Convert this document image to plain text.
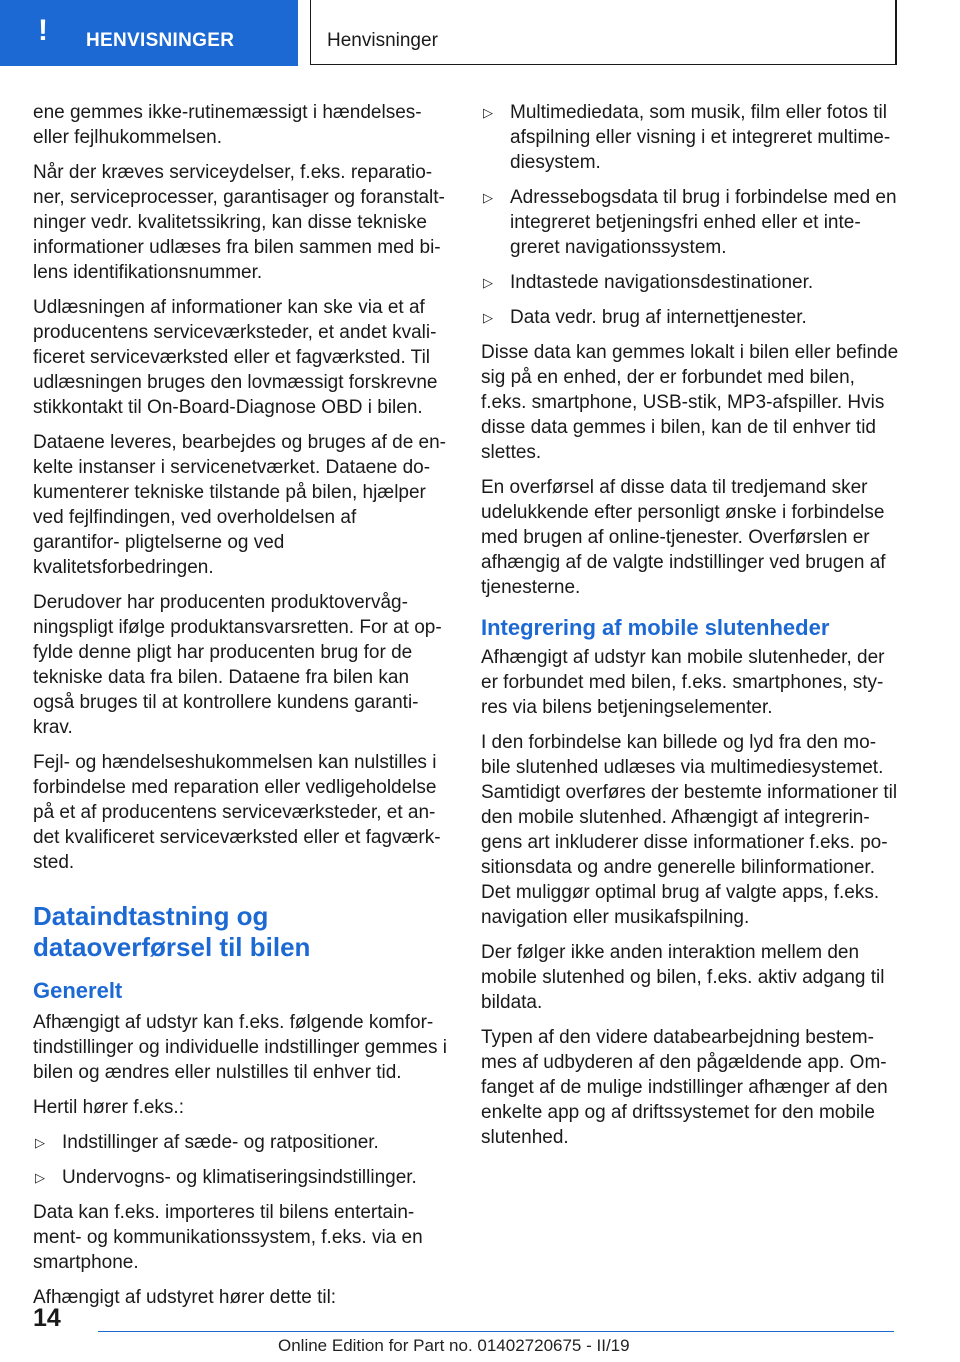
! HENVISNINGER	Henvisninger

ene gemmes ikke-rutinemæssigt i hændelses‐ eller fejlhukommelsen.

Når der kræves serviceydelser, f.eks. reparatio‐ ner, serviceprocesser, garantisager og foranstalt‐ ninger vedr. kvalitetssikring, kan disse tekniske informationer udlæses fra bilen sammen med bi‐ lens identifikationsnummer.

Udlæsningen af informationer kan ske via et af producentens serviceværksteder, et andet kvali‐ ficeret serviceværksted eller et fagværksted. Til udlæsningen bruges den lovmæssigt forskrevne stikkontakt til On-Board-Diagnose OBD i bilen.

Dataene leveres, bearbejdes og bruges af de en‐ kelte instanser i servicenetværket. Dataene do‐ kumenterer tekniske tilstande på bilen, hjælper ved fejlfindingen, ved overholdelsen af garantifor‐ pligtelserne og ved kvalitetsforbedringen.

Derudover har producenten produktovervåg‐ ningspligt ifølge produktansvarsretten. For at op‐ fylde denne pligt har producenten brug for de tekniske data fra bilen. Dataene fra bilen kan også bruges til at kontrollere kundens garanti‐ krav.

Fejl- og hændelseshukommelsen kan nulstilles i forbindelse med reparation eller vedligeholdelse på et af producentens serviceværksteder, et an‐ det kvalificeret serviceværksted eller et fagværk‐ sted.

Dataindtastning og dataoverførsel til bilen
Generelt

Afhængigt af udstyr kan f.eks. følgende komfor‐ tindstillinger og individuelle indstillinger gemmes i bilen og ændres eller nulstilles til enhver tid.

Hertil hører f.eks.:

▷ Indstillinger af sæde- og ratpositioner.
▷ Undervogns- og klimatiseringsindstillinger.

Data kan f.eks. importeres til bilens entertain‐ ment- og kommunikationssystem, f.eks. via en smartphone.

Afhængigt af udstyret hører dette til:

▷ Multimediedata, som musik, film eller fotos til afspilning eller visning i et integreret multime‐ diesystem.
▷ Adressebogsdata til brug i forbindelse med en integreret betjeningsfri enhed eller et inte‐ greret navigationssystem.
▷ Indtastede navigationsdestinationer.
▷ Data vedr. brug af internettjenester.

Disse data kan gemmes lokalt i bilen eller befinde sig på en enhed, der er forbundet med bilen, f.eks. smartphone, USB-stik, MP3-afspiller. Hvis disse data gemmes i bilen, kan de til enhver tid slettes.

En overførsel af disse data til tredjemand sker udelukkende efter personligt ønske i forbindelse med brugen af online-tjenester. Overførslen er afhængig af de valgte indstillinger ved brugen af tjenesterne.

Integrering af mobile slutenheder

Afhængigt af udstyr kan mobile slutenheder, der er forbundet med bilen, f.eks. smartphones, sty‐ res via bilens betjeningselementer.

I den forbindelse kan billede og lyd fra den mo‐ bile slutenhed udlæses via multimediesystemet. Samtidigt overføres der bestemte informationer til den mobile slutenhed. Afhængigt af integrerin‐ gens art inkluderer disse informationer f.eks. po‐ sitionsdata og andre generelle bilinformationer. Det muliggør optimal brug af valgte apps, f.eks. navigation eller musikafspilning.

Der følger ikke anden interaktion mellem den mobile slutenhed og bilen, f.eks. aktiv adgang til bildata.

Typen af den videre databearbejdning bestem‐ mes af udbyderen af den pågældende app. Om‐ fanget af de mulige indstillinger afhænger af den enkelte app og af driftssystemet for den mobile slutenhed.

14
Online Edition for Part no. 01402720675 - II/19
